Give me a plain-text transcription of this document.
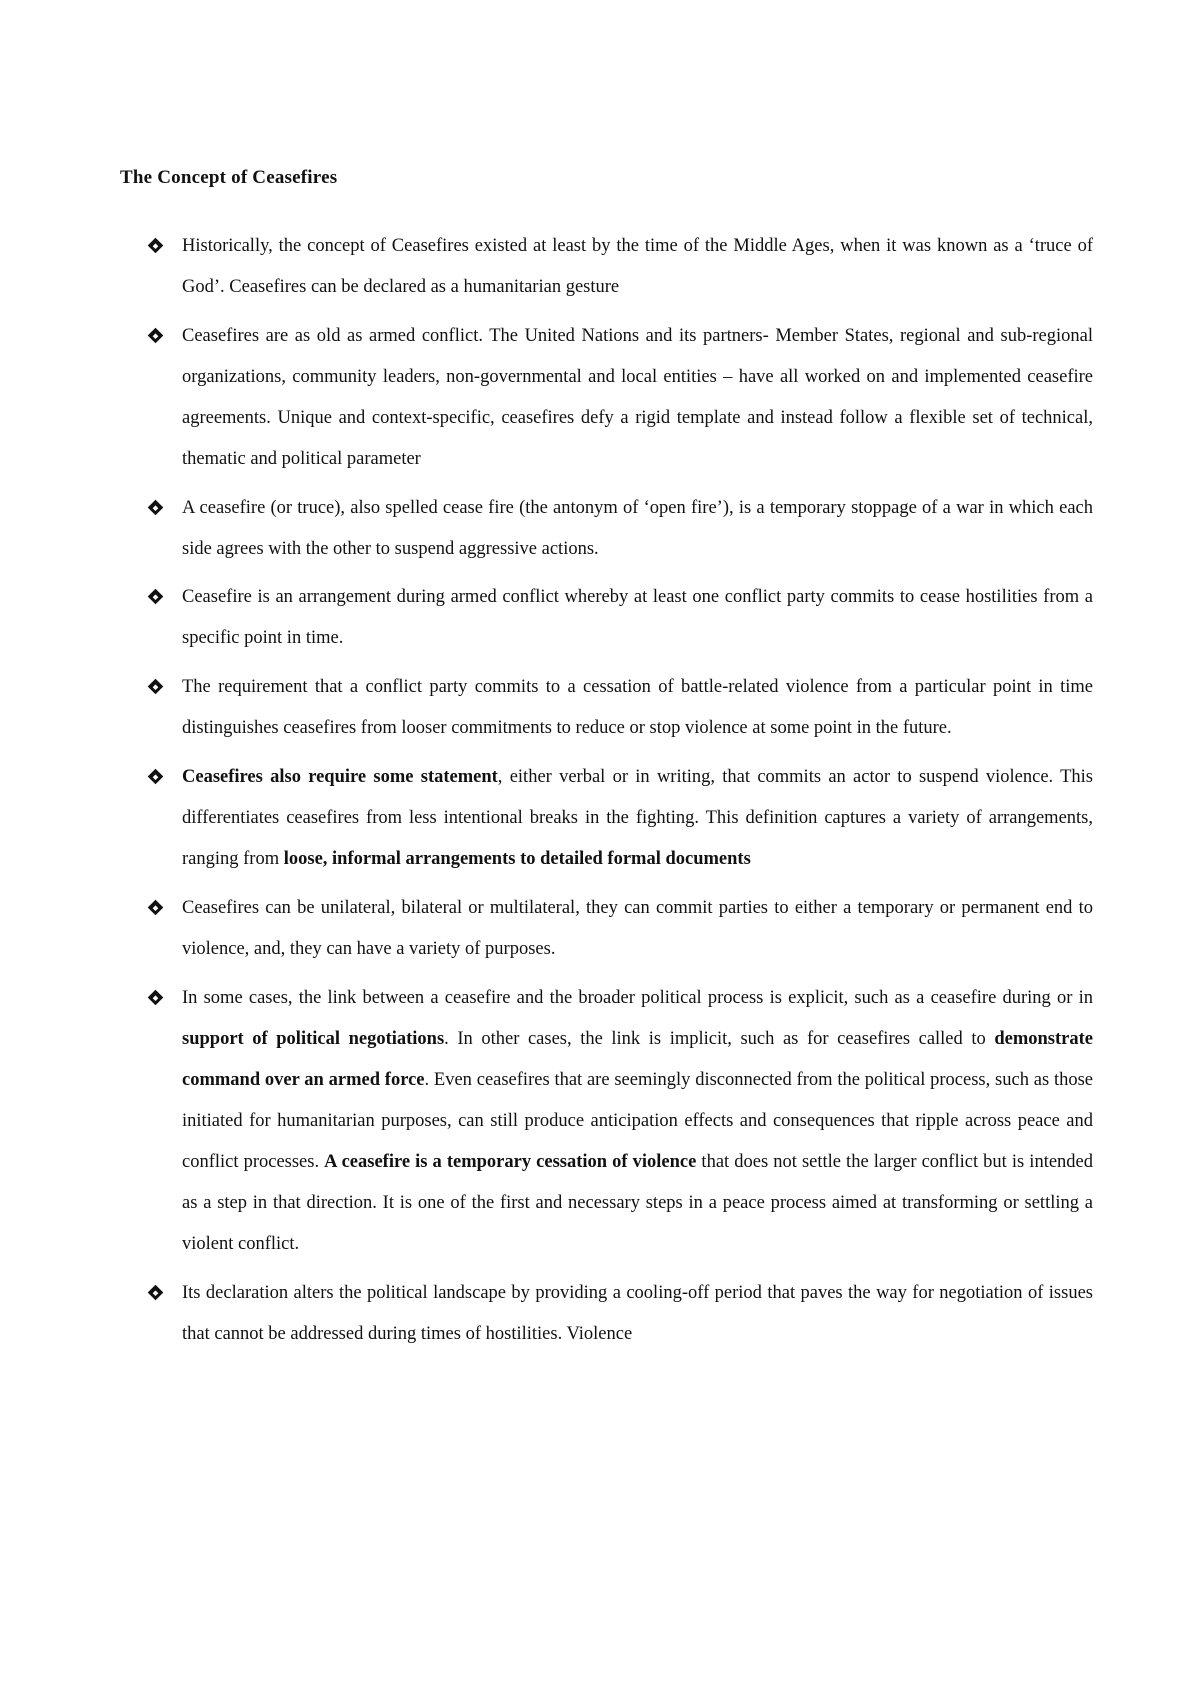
The Concept of Ceasefires
Historically, the concept of Ceasefires existed at least by the time of the Middle Ages, when it was known as a ‘truce of God’. Ceasefires can be declared as a humanitarian gesture
Ceasefires are as old as armed conflict. The United Nations and its partners- Member States, regional and sub-regional organizations, community leaders, non-governmental and local entities – have all worked on and implemented ceasefire agreements. Unique and context-specific, ceasefires defy a rigid template and instead follow a flexible set of technical, thematic and political parameter
A ceasefire (or truce), also spelled cease fire (the antonym of ‘open fire’), is a temporary stoppage of a war in which each side agrees with the other to suspend aggressive actions.
Ceasefire is an arrangement during armed conflict whereby at least one conflict party commits to cease hostilities from a specific point in time.
The requirement that a conflict party commits to a cessation of battle-related violence from a particular point in time distinguishes ceasefires from looser commitments to reduce or stop violence at some point in the future.
Ceasefires also require some statement, either verbal or in writing, that commits an actor to suspend violence. This differentiates ceasefires from less intentional breaks in the fighting. This definition captures a variety of arrangements, ranging from loose, informal arrangements to detailed formal documents
Ceasefires can be unilateral, bilateral or multilateral, they can commit parties to either a temporary or permanent end to violence, and, they can have a variety of purposes.
In some cases, the link between a ceasefire and the broader political process is explicit, such as a ceasefire during or in support of political negotiations. In other cases, the link is implicit, such as for ceasefires called to demonstrate command over an armed force. Even ceasefires that are seemingly disconnected from the political process, such as those initiated for humanitarian purposes, can still produce anticipation effects and consequences that ripple across peace and conflict processes. A ceasefire is a temporary cessation of violence that does not settle the larger conflict but is intended as a step in that direction. It is one of the first and necessary steps in a peace process aimed at transforming or settling a violent conflict.
Its declaration alters the political landscape by providing a cooling-off period that paves the way for negotiation of issues that cannot be addressed during times of hostilities. Violence
